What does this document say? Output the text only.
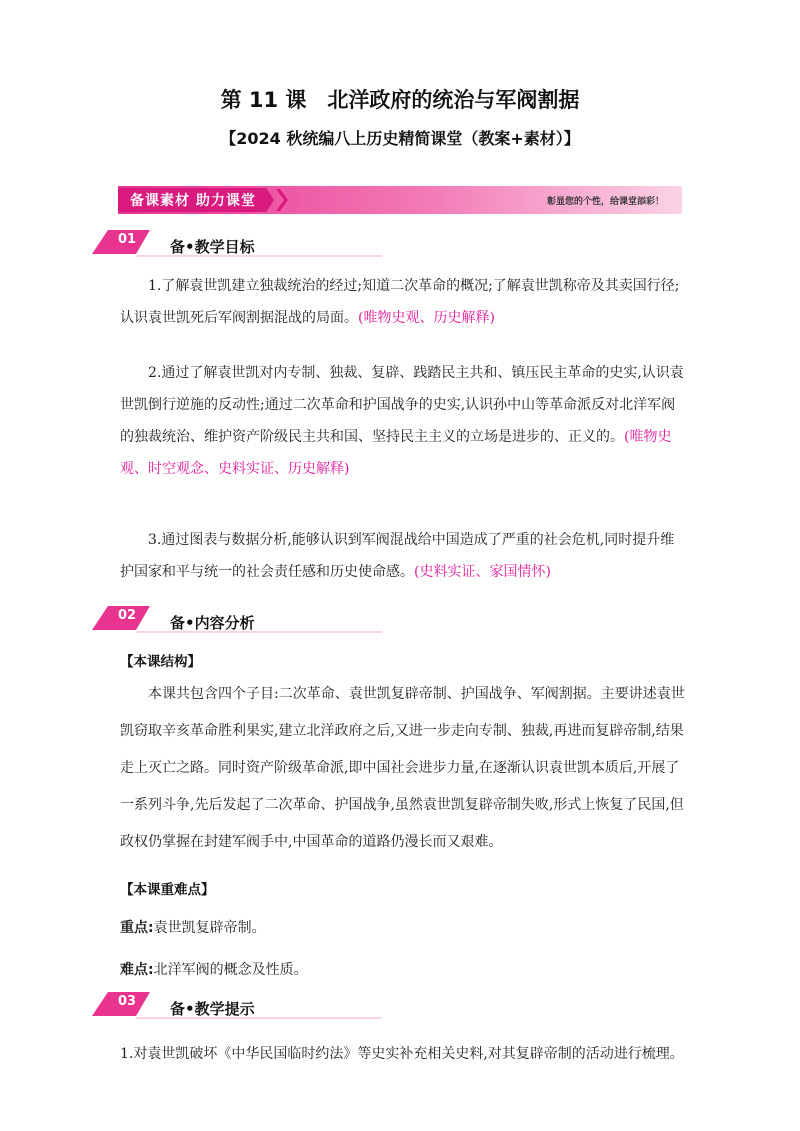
第 11 课　北洋政府的统治与军阀割据
【2024 秋统编八上历史精简课堂（教案+素材）】
备课素材 助力课堂	彰显您的个性，给课堂添彩！
01 备•教学目标
1.了解袁世凯建立独裁统治的经过;知道二次革命的概况;了解袁世凯称帝及其卖国行径;认识袁世凯死后军阀割据混战的局面。(唯物史观、历史解释)
2.通过了解袁世凯对内专制、独裁、复辟、践踏民主共和、镇压民主革命的史实,认识袁世凯倒行逆施的反动性;通过二次革命和护国战争的史实,认识孙中山等革命派反对北洋军阀的独裁统治、维护资产阶级民主共和国、坚持民主主义的立场是进步的、正义的。(唯物史观、时空观念、史料实证、历史解释)
3.通过图表与数据分析,能够认识到军阀混战给中国造成了严重的社会危机,同时提升维护国家和平与统一的社会责任感和历史使命感。(史料实证、家国情怀)
02 备•内容分析
【本课结构】
本课共包含四个子目:二次革命、袁世凯复辟帝制、护国战争、军阀割据。主要讲述袁世凯窃取辛亥革命胜利果实,建立北洋政府之后,又进一步走向专制、独裁,再进而复辟帝制,结果走上灭亡之路。同时资产阶级革命派,即中国社会进步力量,在逐渐认识袁世凯本质后,开展了一系列斗争,先后发起了二次革命、护国战争,虽然袁世凯复辟帝制失败,形式上恢复了民国,但政权仍掌握在封建军阀手中,中国革命的道路仍漫长而又艰难。
【本课重难点】
重点:袁世凯复辟帝制。
难点:北洋军阀的概念及性质。
03 备•教学提示
1.对袁世凯破坏《中华民国临时约法》等史实补充相关史料,对其复辟帝制的活动进行梳理。
